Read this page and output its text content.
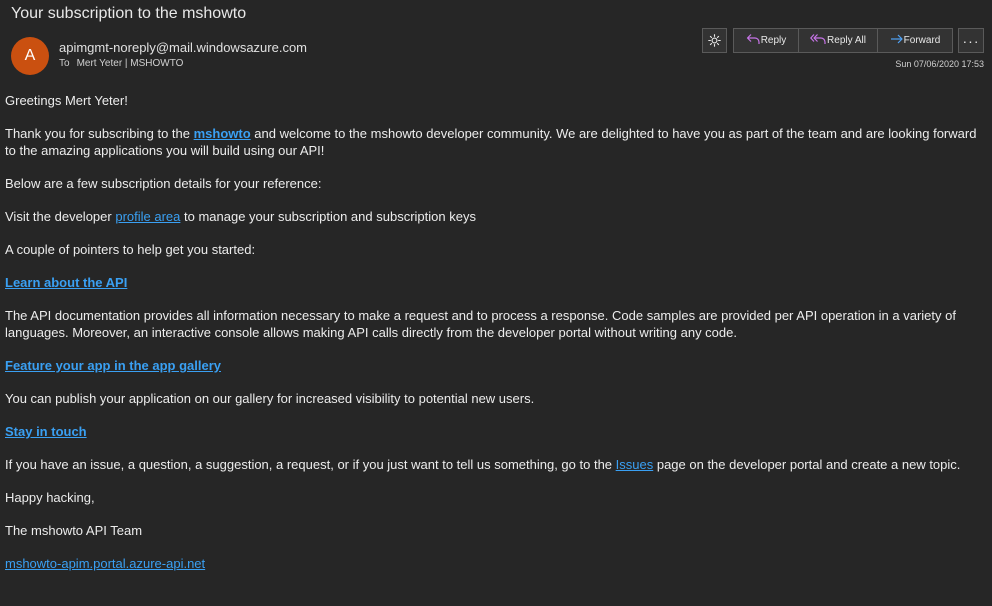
Your subscription to the mshowto
A	apimgmt-noreply@mail.windowsazure.com
To Mert Yeter | MSHOWTO
Reply	Reply All	Forward ···
Sun 07/06/2020 17:53

Greetings Mert Yeter!

Thank you for subscribing to the mshowto and welcome to the mshowto developer community. We are delighted to have you as part of the team and are looking forward to the amazing applications you will build using our API!

Below are a few subscription details for your reference:

Visit the developer profile area to manage your subscription and subscription keys

A couple of pointers to help get you started:

Learn about the API

The API documentation provides all information necessary to make a request and to process a response. Code samples are provided per API operation in a variety of languages. Moreover, an interactive console allows making API calls directly from the developer portal without writing any code.

Feature your app in the app gallery

You can publish your application on our gallery for increased visibility to potential new users.

Stay in touch

If you have an issue, a question, a suggestion, a request, or if you just want to tell us something, go to the Issues page on the developer portal and create a new topic.

Happy hacking,

The mshowto API Team

mshowto-apim.portal.azure-api.net
